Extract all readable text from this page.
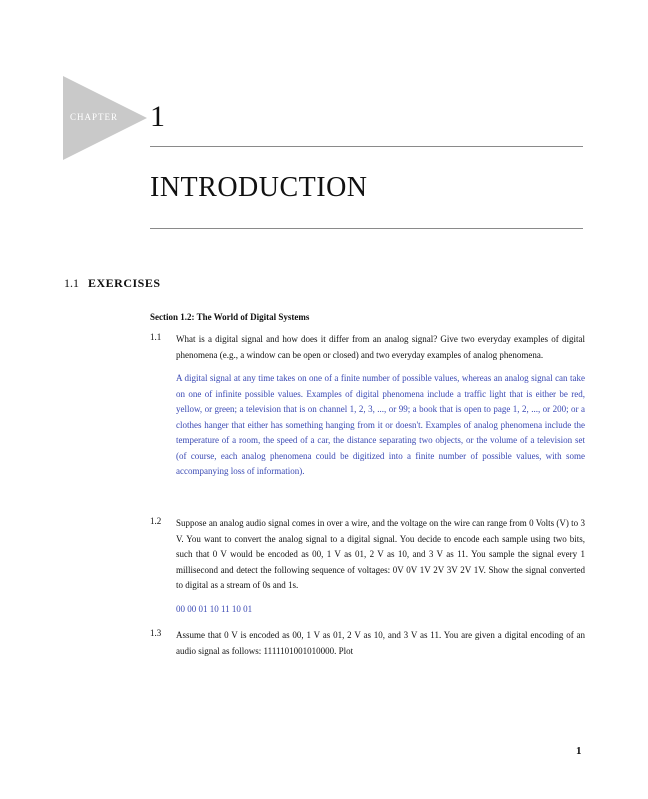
CHAPTER 1
INTRODUCTION
1.1 EXERCISES
Section 1.2: The World of Digital Systems
1.1 What is a digital signal and how does it differ from an analog signal? Give two everyday examples of digital phenomena (e.g., a window can be open or closed) and two everyday examples of analog phenomena.
A digital signal at any time takes on one of a finite number of possible values, whereas an analog signal can take on one of infinite possible values. Examples of digital phenomena include a traffic light that is either be red, yellow, or green; a television that is on channel 1, 2, 3, ..., or 99; a book that is open to page 1, 2, ..., or 200; or a clothes hanger that either has something hanging from it or doesn't. Examples of analog phenomena include the temperature of a room, the speed of a car, the distance separating two objects, or the volume of a television set (of course, each analog phenomena could be digitized into a finite number of possible values, with some accompanying loss of information).
1.2 Suppose an analog audio signal comes in over a wire, and the voltage on the wire can range from 0 Volts (V) to 3 V. You want to convert the analog signal to a digital signal. You decide to encode each sample using two bits, such that 0 V would be encoded as 00, 1 V as 01, 2 V as 10, and 3 V as 11. You sample the signal every 1 millisecond and detect the following sequence of voltages: 0V 0V 1V 2V 3V 2V 1V. Show the signal converted to digital as a stream of 0s and 1s.
00 00 01 10 11 10 01
1.3 Assume that 0 V is encoded as 00, 1 V as 01, 2 V as 10, and 3 V as 11. You are given a digital encoding of an audio signal as follows: 1111101001010000. Plot
1
